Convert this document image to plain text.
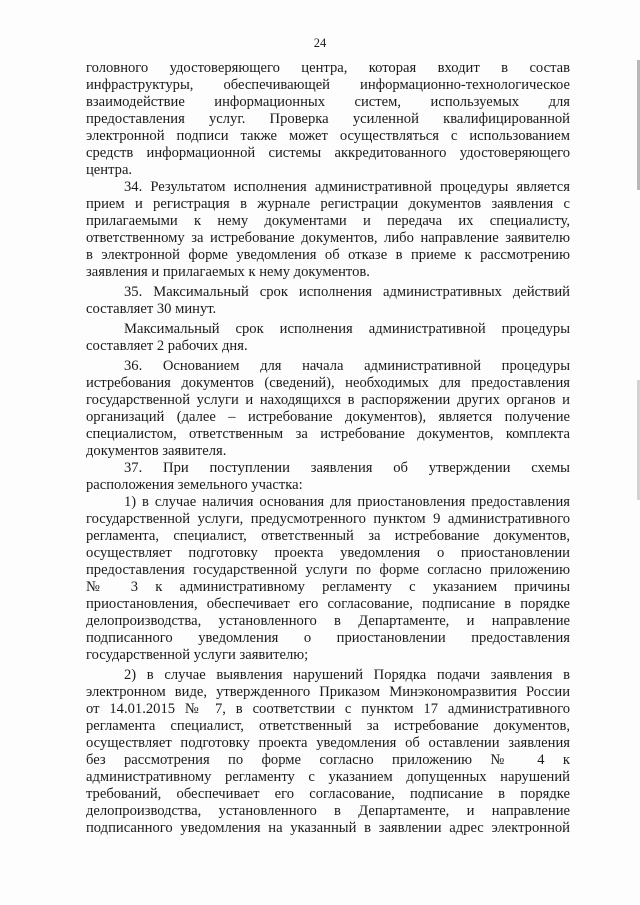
24
головного удостоверяющего центра, которая входит в состав
инфраструктуры, обеспечивающей информационно-технологическое
взаимодействие информационных систем, используемых для
предоставления услуг. Проверка усиленной квалифицированной
электронной подписи также может осуществляться с использованием
средств информационной системы аккредитованного удостоверяющего
центра.
34. Результатом исполнения административной процедуры является
прием и регистрация в журнале регистрации документов заявления с
прилагаемыми к нему документами и передача их специалисту,
ответственному за истребование документов, либо направление заявителю
в электронной форме уведомления об отказе в приеме к рассмотрению
заявления и прилагаемых к нему документов.
35. Максимальный срок исполнения административных действий
составляет 30 минут.
Максимальный срок исполнения административной процедуры
составляет 2 рабочих дня.
36. Основанием для начала административной процедуры
истребования документов (сведений), необходимых для предоставления
государственной услуги и находящихся в распоряжении других органов и
организаций (далее – истребование документов), является получение
специалистом, ответственным за истребование документов, комплекта
документов заявителя.
37. При поступлении заявления об утверждении схемы
расположения земельного участка:
1) в случае наличия основания для приостановления предоставления
государственной услуги, предусмотренного пунктом 9 административного
регламента, специалист, ответственный за истребование документов,
осуществляет подготовку проекта уведомления о приостановлении
предоставления государственной услуги по форме согласно приложению
№ 3 к административному регламенту с указанием причины
приостановления, обеспечивает его согласование, подписание в порядке
делопроизводства, установленного в Департаменте, и направление
подписанного уведомления о приостановлении предоставления
государственной услуги заявителю;
2) в случае выявления нарушений Порядка подачи заявления в
электронном виде, утвержденного Приказом Минэкономразвития России
от 14.01.2015 № 7, в соответствии с пунктом 17 административного
регламента специалист, ответственный за истребование документов,
осуществляет подготовку проекта уведомления об оставлении заявления
без рассмотрения по форме согласно приложению № 4 к
административному регламенту с указанием допущенных нарушений
требований, обеспечивает его согласование, подписание в порядке
делопроизводства, установленного в Департаменте, и направление
подписанного уведомления на указанный в заявлении адрес электронной
